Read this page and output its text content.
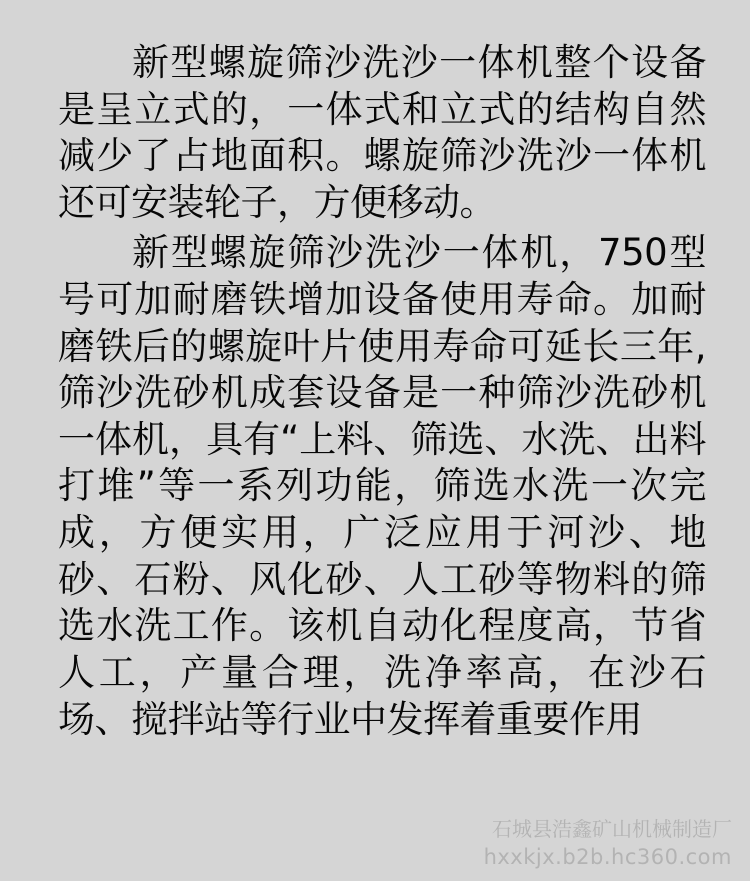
新型螺旋筛沙洗沙一体机整个设备是呈立式的，一体式和立式的结构自然减少了占地面积。螺旋筛沙洗沙一体机还可安装轮子，方便移动。

新型螺旋筛沙洗沙一体机，750型号可加耐磨铁增加设备使用寿命。加耐磨铁后的螺旋叶片使用寿命可延长三年,筛沙洗砂机成套设备是一种筛沙洗砂机一体机，具有“上料、筛选、水洗、出料打堆”等一系列功能，筛选水洗一次完成，方便实用，广泛应用于河沙、地砂、石粉、风化砂、人工砂等物料的筛选水洗工作。该机自动化程度高，节省人工，产量合理，洗净率高，在沙石场、搅拌站等行业中发挥着重要作用

石城县浩鑫矿山机械制造厂
hxxkjx.b2b.hc360.com
